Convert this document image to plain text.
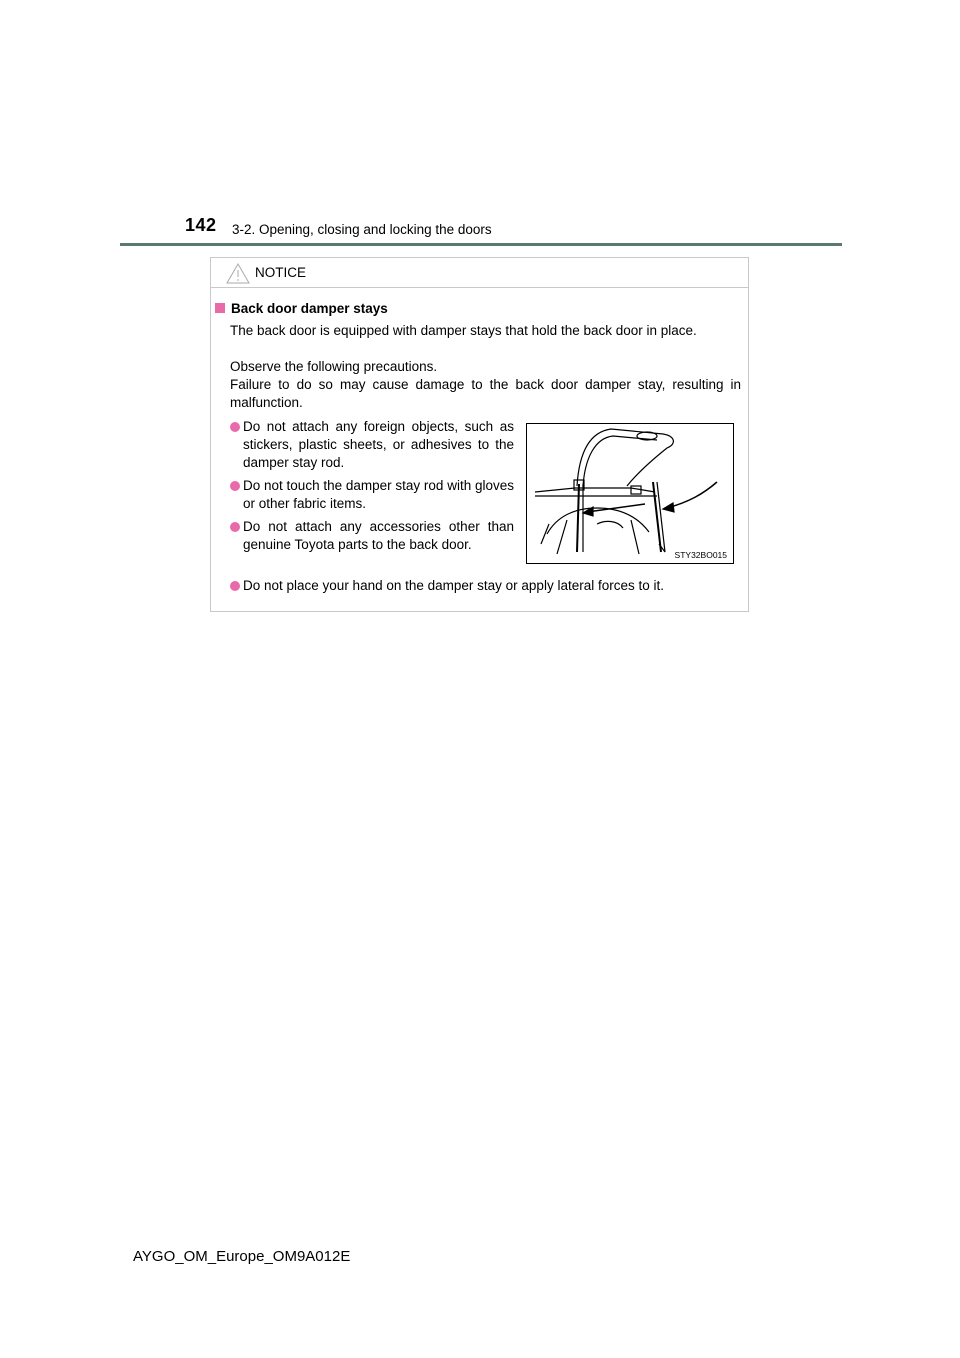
142 3-2. Opening, closing and locking the doors
NOTICE
Back door damper stays

The back door is equipped with damper stays that hold the back door in place.

Observe the following precautions.

Failure to do so may cause damage to the back door damper stay, resulting in malfunction.

Do not attach any foreign objects, such as stickers, plastic sheets, or adhesives to the damper stay rod.
Do not touch the damper stay rod with gloves or other fabric items.
Do not attach any accessories other than genuine Toyota parts to the back door.
STY32BO015
Do not place your hand on the damper stay or apply lateral forces to it.
AYGO_OM_Europe_OM9A012E
